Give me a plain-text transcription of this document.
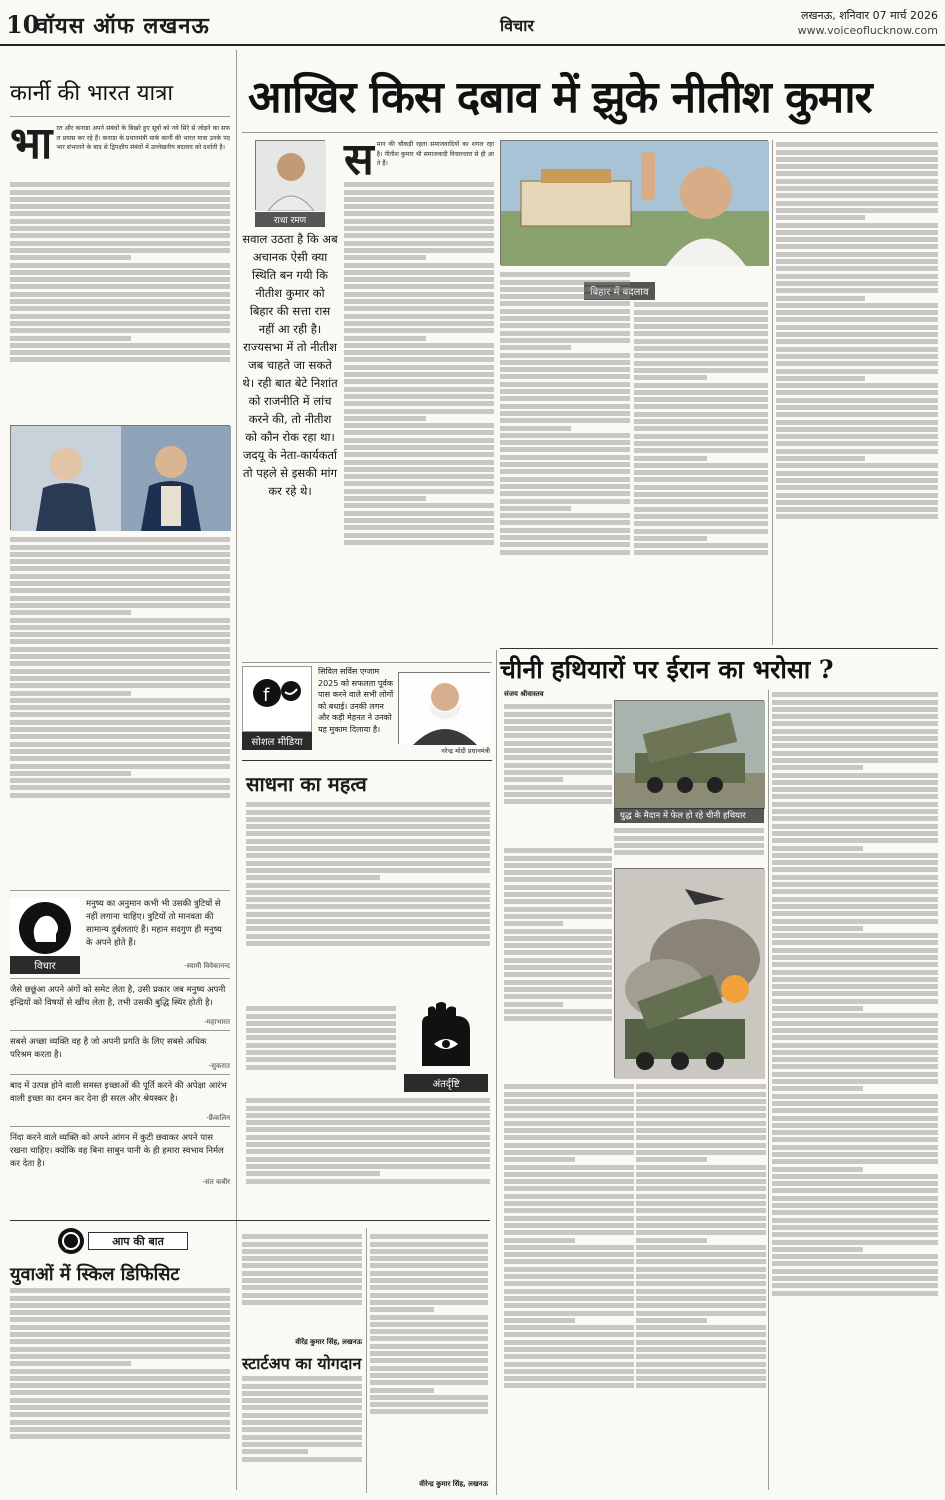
10
वॉयस ऑफ लखनऊ	विचार
लखनऊ, शनिवार 07 मार्च 2026
www.voiceoflucknow.com
कार्नी की भारत यात्रा
भा रत और कनाडा अपने संबंधों के बिखरे हुए सूत्रों को नये सिरे से जोड़ने का सफल प्रयास कर रहे हैं। कनाडा के प्रधानमंत्री मार्क कार्नी की भारत यात्रा उनके पदभार संभालने के बाद से द्विपक्षीय संबंधों में उल्लेखनीय बदलाव को दर्शाती है।
विचार
मनुष्य का अनुमान कभी भी उसकी त्रुटियों से नहीं लगाना चाहिए। त्रुटियों तो मानवता की सामान्य दुर्बलताएं हैं। महान सदगुण ही मनुष्य के अपने होते हैं।
-स्वामी विवेकानन्द
जैसे छछूंआ अपने अंगों को समेट लेता है, उसी प्रकार जब मनुष्य अपनी इन्द्रियों को विषयों से खींच लेता है, तभी उसकी बुद्धि स्थिर होती है।
-महाभारत
सबसे अच्छा व्यक्ति वह है जो अपनी प्रगति के लिए सबसे अधिक परिश्रम करता है।
-सुकरात
बाद में उत्पन्न होने वाली समस्त इच्छाओं की पूर्ति करने की अपेक्षा आरंभ वाली इच्छा का दमन कर देना ही सरल और श्रेयस्कर है।
-फ्रैंकलिन
निंदा करने वाले व्यक्ति को अपने आंगन में कुटी छवाकर अपने पास रखना चाहिए। क्योंकि वह बिना साबुन पानी के ही हमारा स्वभाव निर्मल कर देता है।
-संत कबीर
आप की बात
युवाओं में स्किल डिफिसिट
वीरेंद्र कुमार सिंह, लखनऊ
स्टार्टअप का योगदान
वीरेन्द्र कुमार सिंह, लखनऊ
आखिर किस दबाव में झुके नीतीश कुमार
राधा रमण
सवाल उठता है कि अब अचानक ऐसी क्या स्थिति बन गयी कि नीतीश कुमार को बिहार की सत्ता रास नहीं आ रही है। राज्यसभा में तो नीतीश जब चाहते जा सकते थे। रही बात बेटे निशांत को राजनीति में लांच करने की, तो नीतीश को कौन रोक रहा था। जदयू के नेता-कार्यकर्ता तो पहले से इसकी मांग कर रहे थे।
स मान की चौकड़ी रहता समाजवादियों का शगल रहा है। नीतीश कुमार भी समाजवादी विचारधारा से ही आते हैं।
बिहार में बदलाव
f
सोशल मीडिया
सिविल सर्विस एग्जाम 2025 को सफलता पूर्वक पास करने वाले सभी लोगों को बधाई। उनकी लगन और कड़ी मेहनत ने उनको यह मुकाम दिलाया है।
नरेन्द्र मोदी प्रधानमंत्री
साधना का महत्व
अंतर्दृष्टि
चीनी हथियारों पर ईरान का भरोसा ?
संजय श्रीवास्तव
युद्ध के मैदान में फेल हो रहे चीनी हथियार
